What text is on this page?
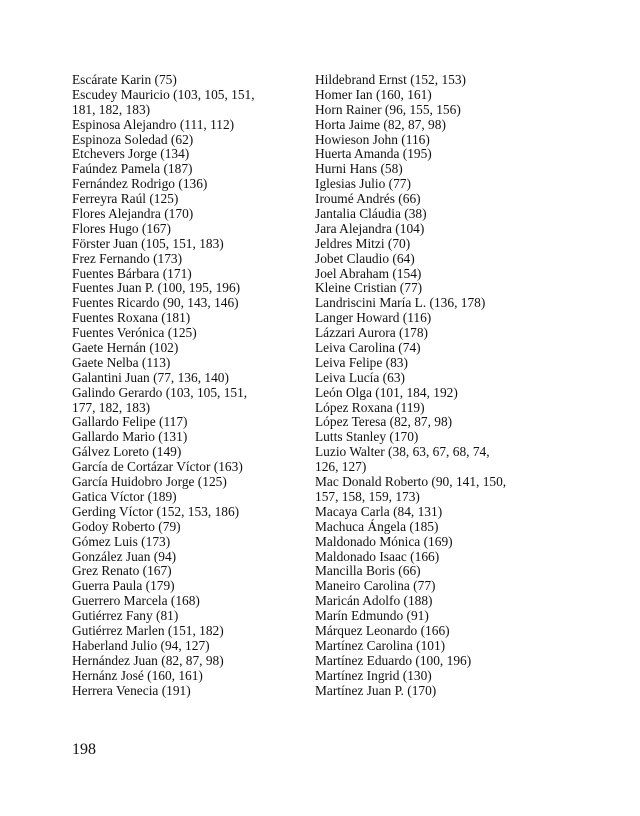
Escárate Karin (75)
Escudey Mauricio (103, 105, 151,
181, 182, 183)
Espinosa Alejandro (111, 112)
Espinoza Soledad (62)
Etchevers Jorge (134)
Faúndez Pamela (187)
Fernández Rodrigo (136)
Ferreyra Raúl (125)
Flores Alejandra (170)
Flores Hugo (167)
Förster Juan (105, 151, 183)
Frez Fernando (173)
Fuentes Bárbara (171)
Fuentes Juan P. (100, 195, 196)
Fuentes Ricardo (90, 143, 146)
Fuentes Roxana (181)
Fuentes Verónica (125)
Gaete Hernán (102)
Gaete Nelba (113)
Galantini Juan (77, 136, 140)
Galindo Gerardo (103, 105, 151,
177, 182, 183)
Gallardo Felipe (117)
Gallardo Mario (131)
Gálvez Loreto (149)
García de Cortázar Víctor (163)
García Huidobro Jorge (125)
Gatica Víctor (189)
Gerding Víctor (152, 153, 186)
Godoy Roberto (79)
Gómez Luis (173)
González Juan (94)
Grez Renato (167)
Guerra Paula (179)
Guerrero Marcela (168)
Gutiérrez Fany (81)
Gutiérrez Marlen (151, 182)
Haberland Julio (94, 127)
Hernández Juan (82, 87, 98)
Hernánz José (160, 161)
Herrera Venecia (191)
Hildebrand Ernst (152, 153)
Homer Ian (160, 161)
Horn Rainer (96, 155, 156)
Horta Jaime (82, 87, 98)
Howieson John (116)
Huerta Amanda (195)
Hurni Hans (58)
Iglesias Julio (77)
Iroumé Andrés (66)
Jantalia Cláudia (38)
Jara Alejandra (104)
Jeldres Mitzi (70)
Jobet Claudio (64)
Joel Abraham (154)
Kleine Cristian (77)
Landriscini María L. (136, 178)
Langer Howard (116)
Lázzari Aurora (178)
Leiva Carolina (74)
Leiva Felipe (83)
Leiva Lucía (63)
León Olga (101, 184, 192)
López Roxana (119)
López Teresa (82, 87, 98)
Lutts Stanley (170)
Luzio Walter (38, 63, 67, 68, 74,
126, 127)
Mac Donald Roberto (90, 141, 150,
157, 158, 159, 173)
Macaya Carla (84, 131)
Machuca Ángela (185)
Maldonado Mónica (169)
Maldonado Isaac (166)
Mancilla Boris (66)
Maneiro Carolina (77)
Maricán Adolfo (188)
Marín Edmundo (91)
Márquez Leonardo (166)
Martínez Carolina (101)
Martínez Eduardo (100, 196)
Martínez Ingrid (130)
Martínez Juan P. (170)
198
